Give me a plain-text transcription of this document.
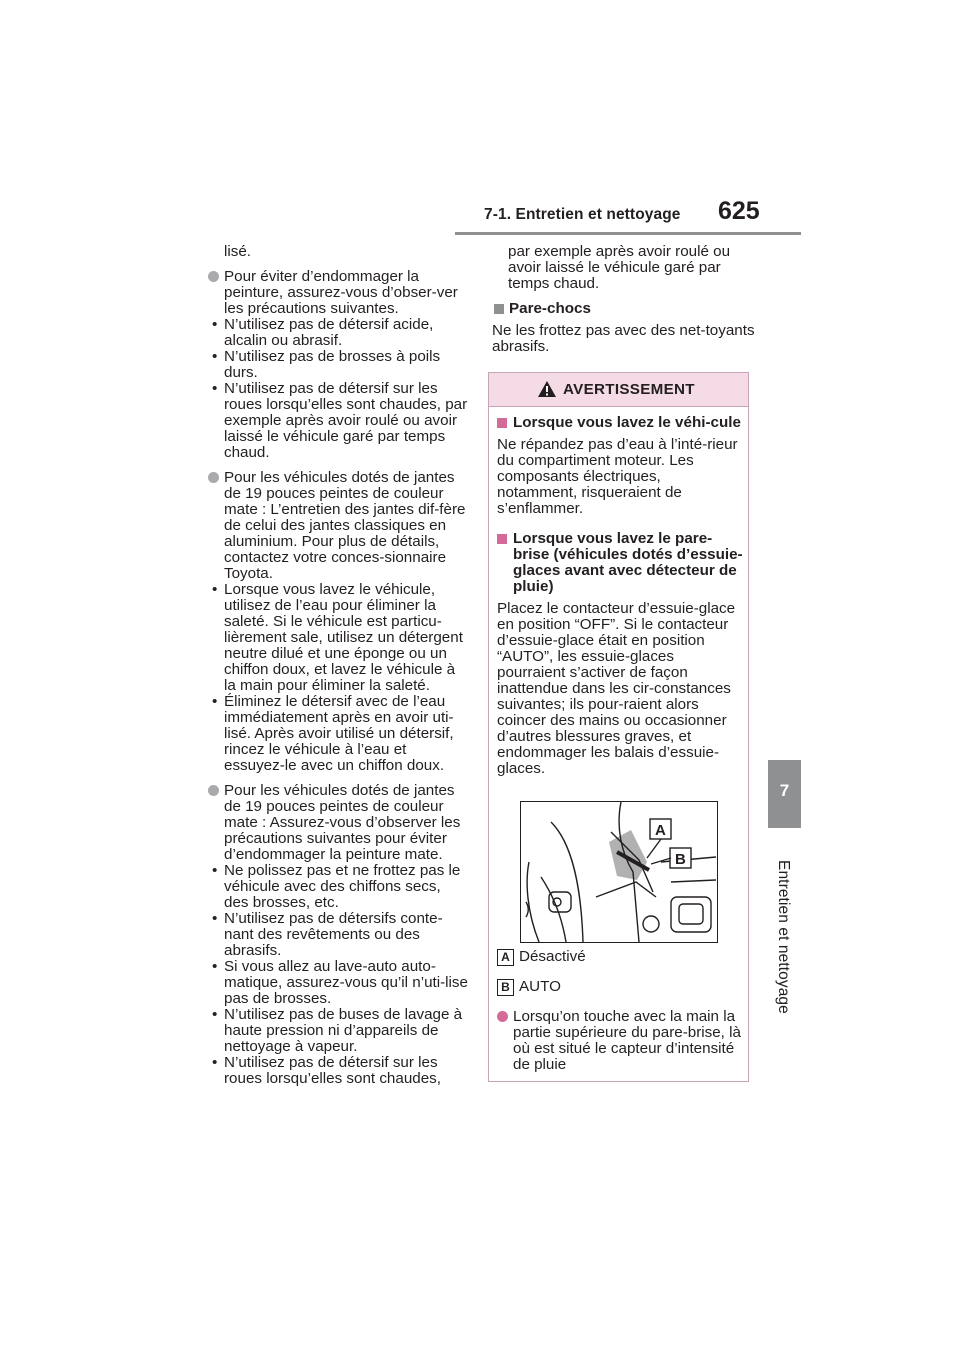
7-1. Entretien et nettoyage 625
7
Entretien et nettoyage

lisé.

Pour éviter d’endommager la peinture, assurez-vous d’obser-ver les précautions suivantes.

• N’utilisez pas de détersif acide, alcalin ou abrasif.

• N’utilisez pas de brosses à poils durs.

• N’utilisez pas de détersif sur les roues lorsqu’elles sont chaudes, par exemple après avoir roulé ou avoir laissé le véhicule garé par temps chaud.

Pour les véhicules dotés de jantes de 19 pouces peintes de couleur mate : L’entretien des jantes dif-fère de celui des jantes classiques en aluminium. Pour plus de détails, contactez votre conces-sionnaire Toyota.

• Lorsque vous lavez le véhicule, utilisez de l’eau pour éliminer la saleté. Si le véhicule est particu-lièrement sale, utilisez un détergent neutre dilué et une éponge ou un chiffon doux, et lavez le véhicule à la main pour éliminer la saleté.

• Éliminez le détersif avec de l’eau immédiatement après en avoir uti-lisé. Après avoir utilisé un détersif, rincez le véhicule à l’eau et essuyez-le avec un chiffon doux.

Pour les véhicules dotés de jantes de 19 pouces peintes de couleur mate : Assurez-vous d’observer les précautions suivantes pour éviter d’endommager la peinture mate.

• Ne polissez pas et ne frottez pas le véhicule avec des chiffons secs, des brosses, etc.

• N’utilisez pas de détersifs conte-nant des revêtements ou des abrasifs.

• Si vous allez au lave-auto auto-matique, assurez-vous qu’il n’uti-lise pas de brosses.

• N’utilisez pas de buses de lavage à haute pression ni d’appareils de nettoyage à vapeur.

• N’utilisez pas de détersif sur les roues lorsqu’elles sont chaudes,

par exemple après avoir roulé ou avoir laissé le véhicule garé par temps chaud.

Pare-chocs

Ne les frottez pas avec des net-toyants abrasifs.

AVERTISSEMENT
Lorsque vous lavez le véhi-cule

Ne répandez pas d’eau à l’inté-rieur du compartiment moteur. Les composants électriques, notamment, risqueraient de s’enflammer.

Lorsque vous lavez le pare-brise (véhicules dotés d’essuie-glaces avant avec détecteur de pluie)

Placez le contacteur d’essuie-glace en position “OFF”. Si le contacteur d’essuie-glace était en position “AUTO”, les essuie-glaces pourraient s’activer de façon inattendue dans les cir-constances suivantes; ils pour-raient alors coincer des mains ou occasionner d’autres blessures graves, et endommager les balais d’essuie-glaces.

A
B
A Désactivé
B AUTO
Lorsqu’on touche avec la main la partie supérieure du pare-brise, là où est situé le capteur d’intensité de pluie
